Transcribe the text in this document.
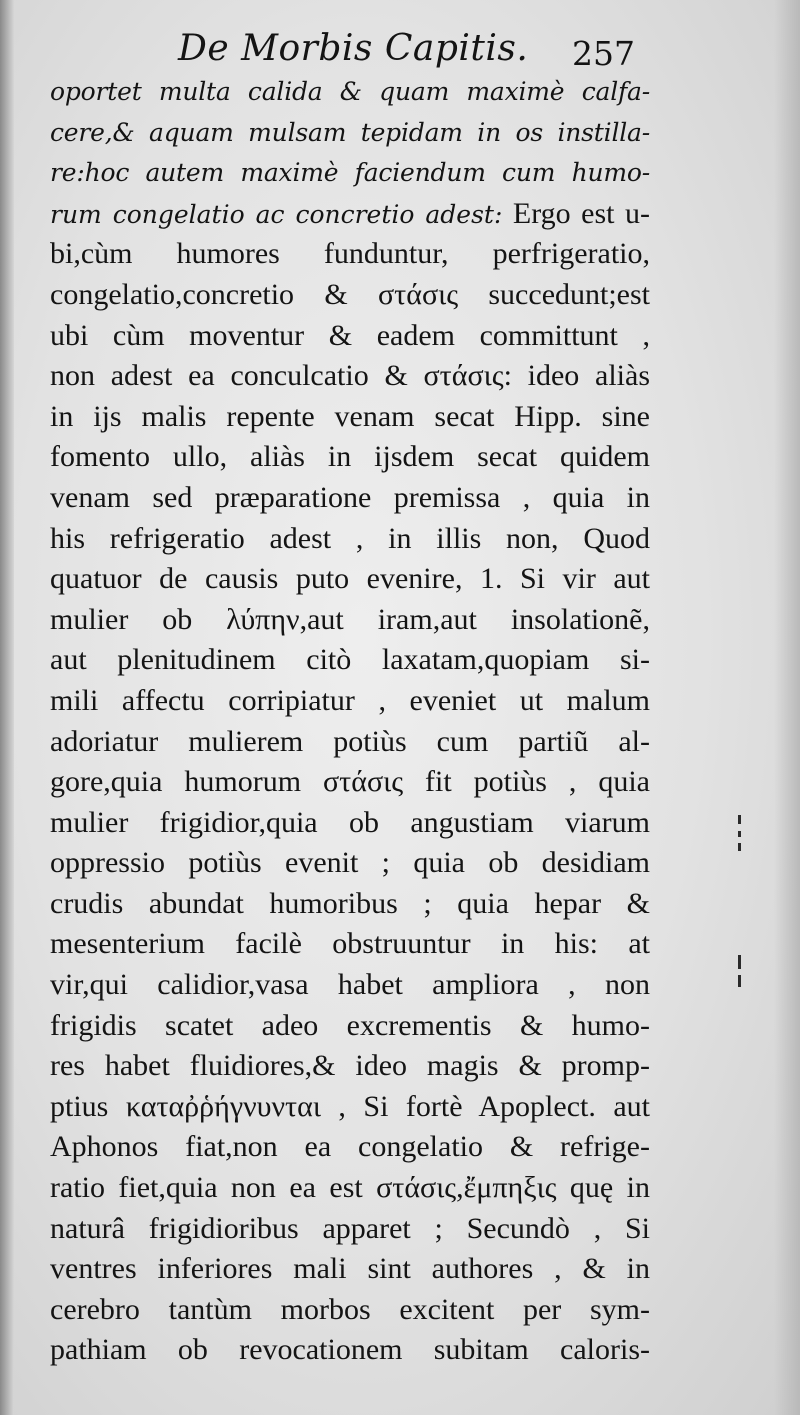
De Morbis Capitis. 257
oportet multa calida & quam maximè calfa-
cere,& aquam mulsam tepidam in os instilla-
re:hoc autem maximè faciendum cum humo-
rum congelatio ac concretio adest: Ergo est u-
bi,cùm humores funduntur, perfrigeratio,
congelatio,concretio & στάσις succedunt;est
ubi cùm moventur & eadem committunt ,
non adest ea conculcatio & στάσις: ideo aliàs
in ijs malis repente venam secat Hipp. sine
fomento ullo, aliàs in ijsdem secat quidem
venam sed præparatione premissa , quia in
his refrigeratio adest , in illis non, Quod
quatuor de causis puto evenire, 1. Si vir aut
mulier ob λύπην,aut iram,aut insolationẽ,
aut plenitudinem citò laxatam,quopiam si-
mili affectu corripiatur , eveniet ut malum
adoriatur mulierem potiùs cum partiũ al-
gore,quia humorum στάσις fit potiùs , quia
mulier frigidior,quia ob angustiam viarum
oppressio potiùs evenit ; quia ob desidiam
crudis abundat humoribus ; quia hepar &
mesenterium facilè obstruuntur in his: at
vir,qui calidior,vasa habet ampliora , non
frigidis scatet adeo excrementis & humo-
res habet fluidiores,& ideo magis & promp-
ptius καταῤῥήγνυνται , Si fortè Apoplect. aut
Aphonos fiat,non ea congelatio & refrige-
ratio fiet,quia non ea est στάσις,ἔμπηξις quę in
naturâ frigidioribus apparet ; Secundò , Si
ventres inferiores mali sint authores , & in
cerebro tantùm morbos excitent per sym-
pathiam ob revocationem subitam caloris-
